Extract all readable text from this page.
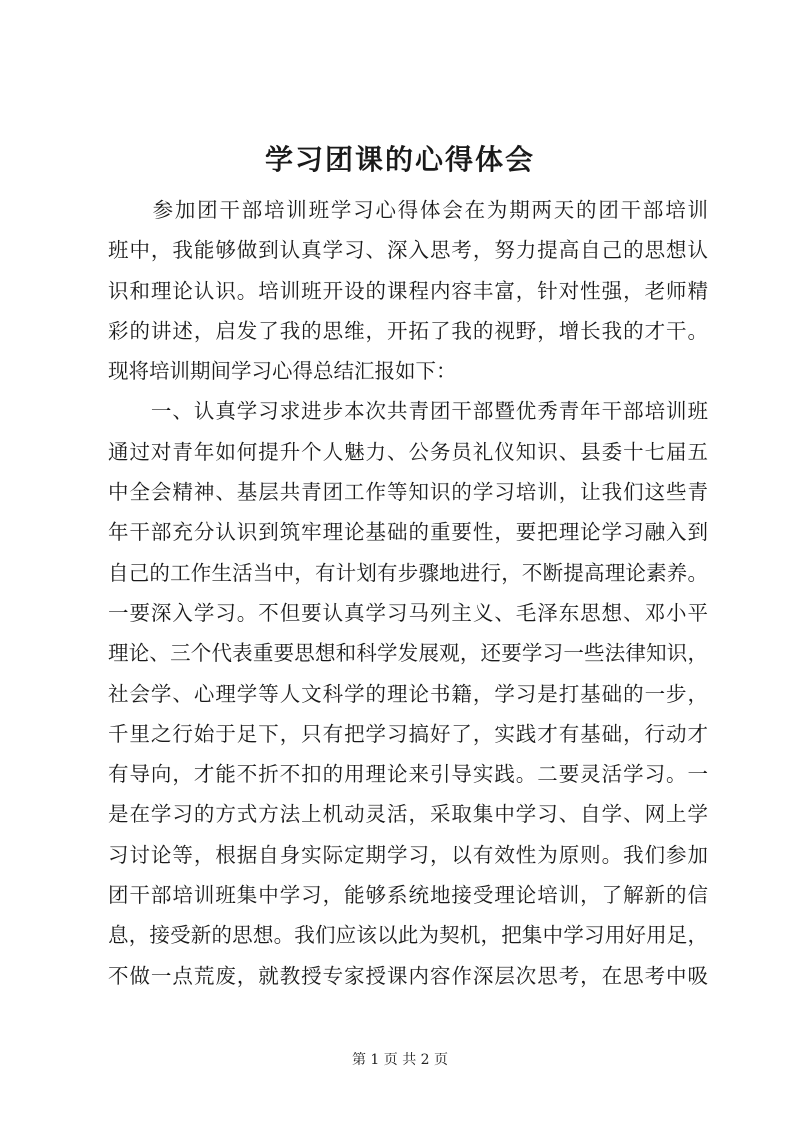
学习团课的心得体会
　　参加团干部培训班学习心得体会在为期两天的团干部培训
班中，我能够做到认真学习、深入思考，努力提高自己的思想认
识和理论认识。培训班开设的课程内容丰富，针对性强，老师精
彩的讲述，启发了我的思维，开拓了我的视野，增长我的才干。
现将培训期间学习心得总结汇报如下：
　　一、认真学习求进步本次共青团干部暨优秀青年干部培训班
通过对青年如何提升个人魅力、公务员礼仪知识、县委十七届五
中全会精神、基层共青团工作等知识的学习培训，让我们这些青
年干部充分认识到筑牢理论基础的重要性，要把理论学习融入到
自己的工作生活当中，有计划有步骤地进行，不断提高理论素养。
一要深入学习。不但要认真学习马列主义、毛泽东思想、邓小平
理论、三个代表重要思想和科学发展观，还要学习一些法律知识，
社会学、心理学等人文科学的理论书籍，学习是打基础的一步，
千里之行始于足下，只有把学习搞好了，实践才有基础，行动才
有导向，才能不折不扣的用理论来引导实践。二要灵活学习。一
是在学习的方式方法上机动灵活，采取集中学习、自学、网上学
习讨论等，根据自身实际定期学习，以有效性为原则。我们参加
团干部培训班集中学习，能够系统地接受理论培训，了解新的信
息，接受新的思想。我们应该以此为契机，把集中学习用好用足，
不做一点荒废，就教授专家授课内容作深层次思考，在思考中吸
第 1 页 共 2 页
